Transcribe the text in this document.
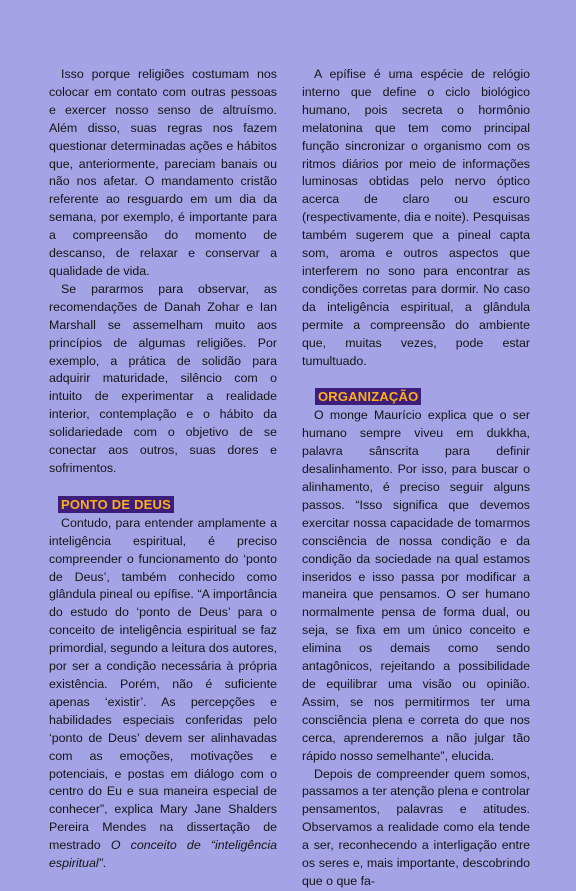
Isso porque religiões costumam nos colocar em contato com outras pessoas e exercer nosso senso de altruísmo. Além disso, suas regras nos fazem questionar determinadas ações e hábitos que, anteriormente, pareciam banais ou não nos afetar. O mandamento cristão referente ao resguardo em um dia da semana, por exemplo, é importante para a compreensão do momento de descanso, de relaxar e conservar a qualidade de vida.

Se pararmos para observar, as recomendações de Danah Zohar e Ian Marshall se assemelham muito aos princípios de algumas religiões. Por exemplo, a prática de solidão para adquirir maturidade, silêncio com o intuito de experimentar a realidade interior, contemplação e o hábito da solidariedade com o objetivo de se conectar aos outros, suas dores e sofrimentos.

PONTO DE DEUS

Contudo, para entender amplamente a inteligência espiritual, é preciso compreender o funcionamento do ‘ponto de Deus’, também conhecido como glândula pineal ou epífise. “A importância do estudo do ‘ponto de Deus’ para o conceito de inteligência espiritual se faz primordial, segundo a leitura dos autores, por ser a condição necessária à própria existência. Porém, não é suficiente apenas ‘existir’. As percepções e habilidades especiais conferidas pelo ‘ponto de Deus’ devem ser alinhavadas com as emoções, motivações e potenciais, e postas em diálogo com o centro do Eu e sua maneira especial de conhecer”, explica Mary Jane Shalders Pereira Mendes na dissertação de mestrado O conceito de “inteligência espiritual”.

A epífise é uma espécie de relógio interno que define o ciclo biológico humano, pois secreta o hormônio melatonina que tem como principal função sincronizar o organismo com os ritmos diários por meio de informações luminosas obtidas pelo nervo óptico acerca de claro ou escuro (respectivamente, dia e noite). Pesquisas também sugerem que a pineal capta som, aroma e outros aspectos que interferem no sono para encontrar as condições corretas para dormir. No caso da inteligência espiritual, a glândula permite a compreensão do ambiente que, muitas vezes, pode estar tumultuado.

ORGANIZAÇÃO

O monge Maurício explica que o ser humano sempre viveu em dukkha, palavra sânscrita para definir desalinhamento. Por isso, para buscar o alinhamento, é preciso seguir alguns passos. “Isso significa que devemos exercitar nossa capacidade de tomarmos consciência de nossa condição e da condição da sociedade na qual estamos inseridos e isso passa por modificar a maneira que pensamos. O ser humano normalmente pensa de forma dual, ou seja, se fixa em um único conceito e elimina os demais como sendo antagônicos, rejeitando a possibilidade de equilibrar uma visão ou opinião. Assim, se nos permitirmos ter uma consciência plena e correta do que nos cerca, aprenderemos a não julgar tão rápido nosso semelhante”, elucida.

Depois de compreender quem somos, passamos a ter atenção plena e controlar pensamentos, palavras e atitudes. Observamos a realidade como ela tende a ser, reconhecendo a interligação entre os seres e, mais importante, descobrindo que o que fa-
